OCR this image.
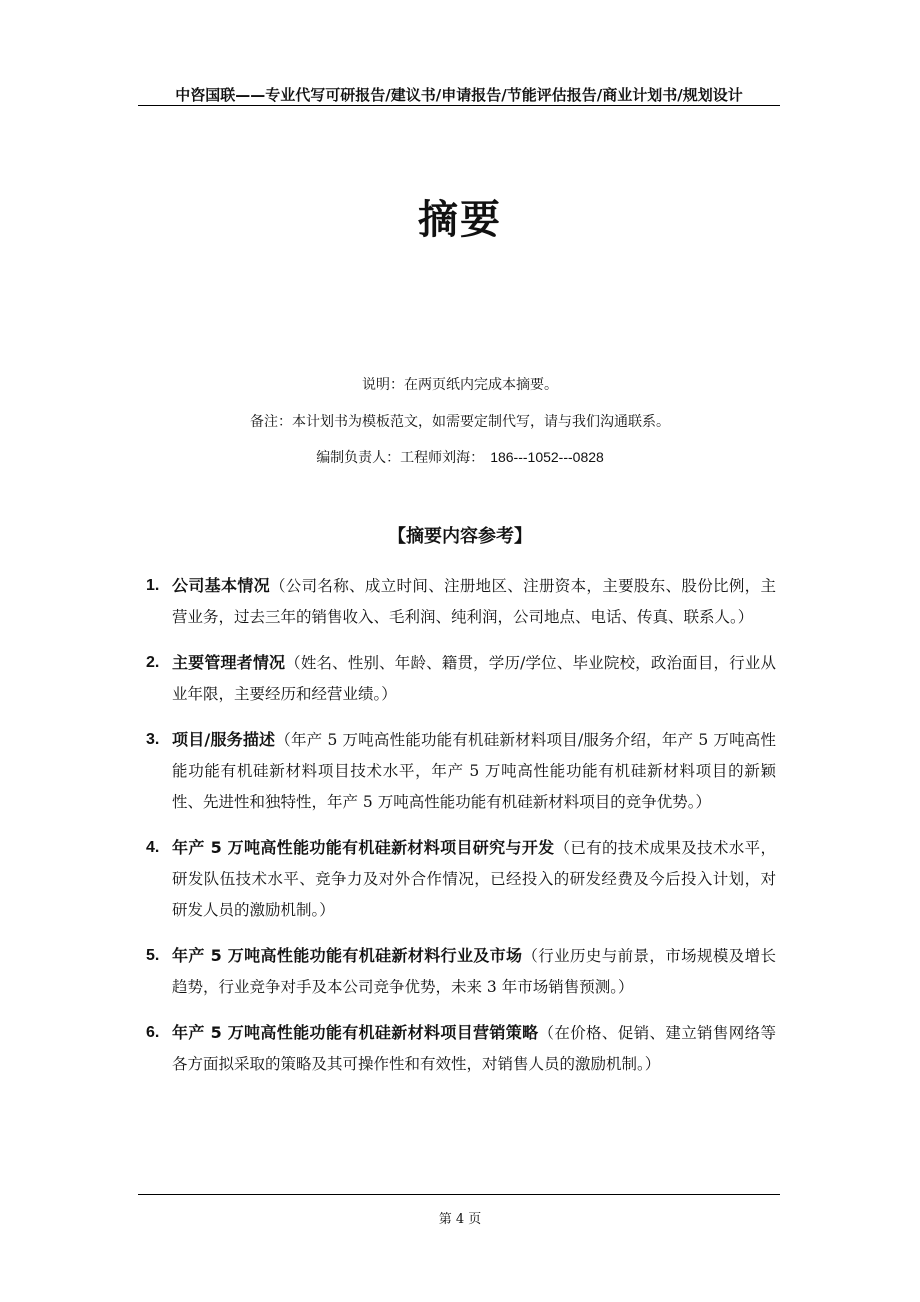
中咨国联——专业代写可研报告/建议书/申请报告/节能评估报告/商业计划书/规划设计
摘要
说明：在两页纸内完成本摘要。
备注：本计划书为模板范文，如需要定制代写，请与我们沟通联系。
编制负责人：工程师刘海： 186---1052---0828
【摘要内容参考】
1. 公司基本情况（公司名称、成立时间、注册地区、注册资本，主要股东、股份比例，主营业务，过去三年的销售收入、毛利润、纯利润，公司地点、电话、传真、联系人。）
2. 主要管理者情况（姓名、性别、年龄、籍贯，学历/学位、毕业院校，政治面目，行业从业年限，主要经历和经营业绩。）
3. 项目/服务描述（年产 5 万吨高性能功能有机硅新材料项目/服务介绍，年产 5 万吨高性能功能有机硅新材料项目技术水平，年产 5 万吨高性能功能有机硅新材料项目的新颖性、先进性和独特性，年产 5 万吨高性能功能有机硅新材料项目的竞争优势。）
4. 年产 5 万吨高性能功能有机硅新材料项目研究与开发（已有的技术成果及技术水平，研发队伍技术水平、竞争力及对外合作情况，已经投入的研发经费及今后投入计划，对研发人员的激励机制。）
5. 年产 5 万吨高性能功能有机硅新材料行业及市场（行业历史与前景，市场规模及增长趋势，行业竞争对手及本公司竞争优势，未来 3 年市场销售预测。）
6. 年产 5 万吨高性能功能有机硅新材料项目营销策略（在价格、促销、建立销售网络等各方面拟采取的策略及其可操作性和有效性，对销售人员的激励机制。）
第 4 页
